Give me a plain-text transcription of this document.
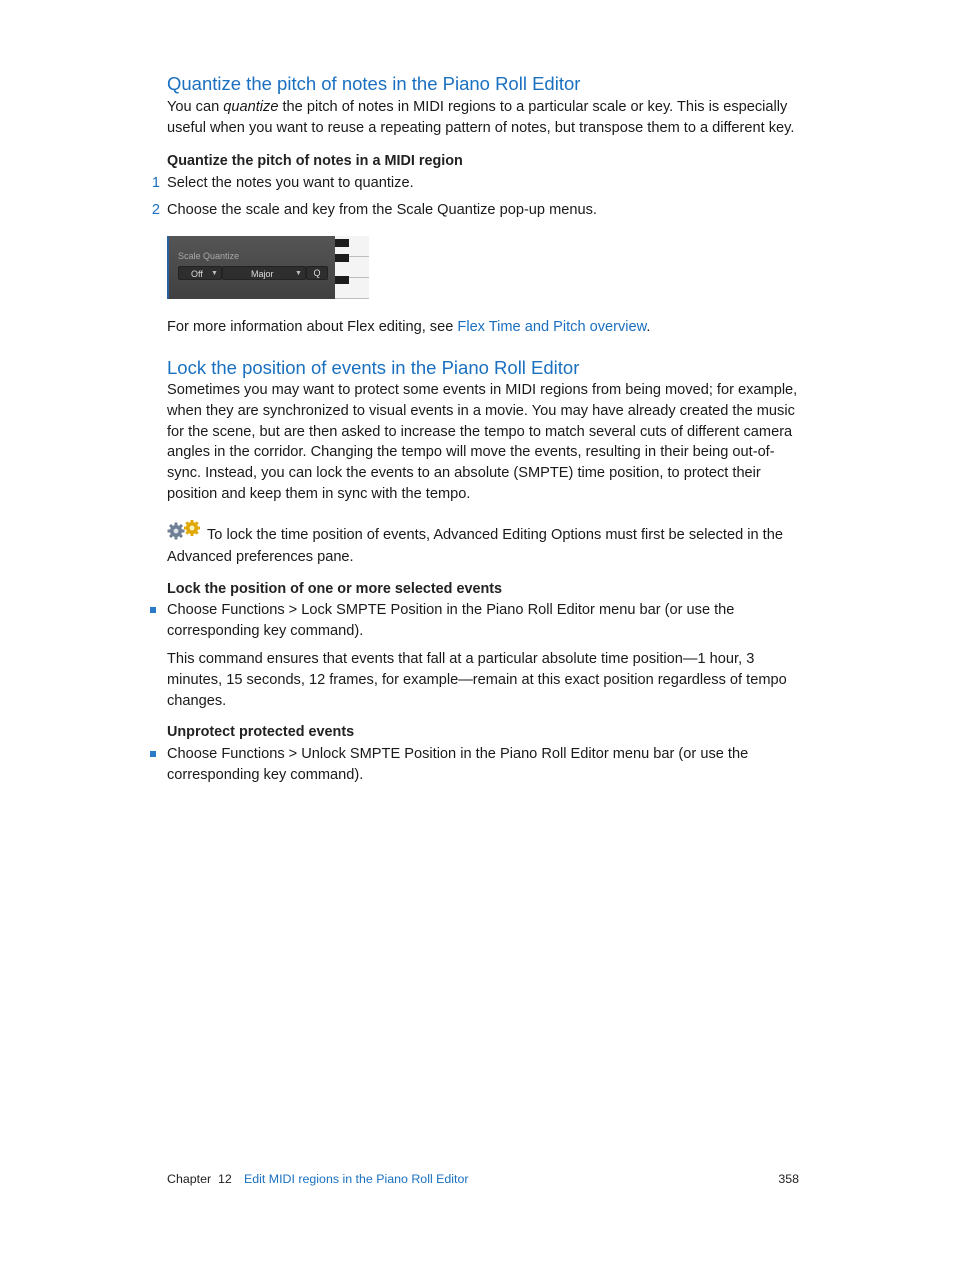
Quantize the pitch of notes in the Piano Roll Editor

You can quantize the pitch of notes in MIDI regions to a particular scale or key. This is especially useful when you want to reuse a repeating pattern of notes, but transpose them to a different key.

Quantize the pitch of notes in a MIDI region
1 Select the notes you want to quantize.
2 Choose the scale and key from the Scale Quantize pop-up menus.
Scale Quantize
Off ▼	Major	▼	Q

For more information about Flex editing, see Flex Time and Pitch overview.

Lock the position of events in the Piano Roll Editor

Sometimes you may want to protect some events in MIDI regions from being moved; for example, when they are synchronized to visual events in a movie. You may have already created the music for the scene, but are then asked to increase the tempo to match several cuts of different camera angles in the corridor. Changing the tempo will move the events, resulting in their being out-of-sync. Instead, you can lock the events to an absolute (SMPTE) time position, to protect their position and keep them in sync with the tempo.

To lock the time position of events, Advanced Editing Options must first be selected in the Advanced preferences pane.

Lock the position of one or more selected events
Choose Functions > Lock SMPTE Position in the Piano Roll Editor menu bar (or use the corresponding key command).

This command ensures that events that fall at a particular absolute time position—1 hour, 3 minutes, 15 seconds, 12 frames, for example—remain at this exact position regardless of tempo changes.

Unprotect protected events
Choose Functions > Unlock SMPTE Position in the Piano Roll Editor menu bar (or use the corresponding key command).
Chapter  12 Edit MIDI regions in the Piano Roll Editor	358
